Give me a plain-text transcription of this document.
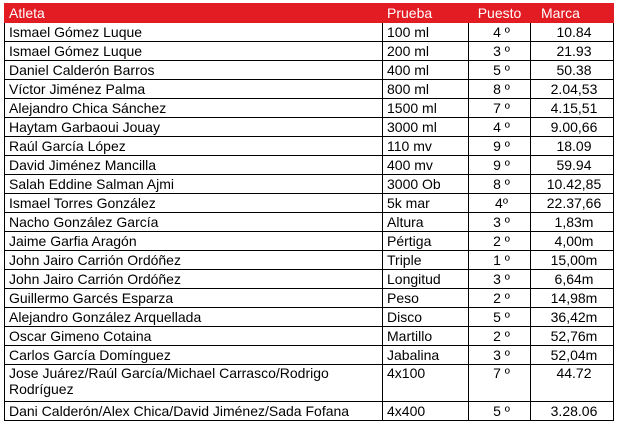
Atleta	Prueba	Puesto	Marca
Ismael Gómez Luque	100 ml	4 º	10.84
Ismael Gómez Luque	200 ml	3 º	21.93
Daniel Calderón Barros	400 ml	5 º	50.38
Víctor Jiménez Palma	800 ml	8 º	2.04,53
Alejandro Chica Sánchez	1500 ml	7 º	4.15,51
Haytam Garbaoui Jouay	3000 ml	4 º	9.00,66
Raúl García López	110 mv	9 º	18.09
David Jiménez Mancilla	400 mv	9 º	59.94
Salah Eddine Salman Ajmi	3000 Ob	8 º	10.42,85
Ismael Torres González	5k mar	4º	22.37,66
Nacho González García	Altura	3 º	1,83m
Jaime Garfia Aragón	Pértiga	2 º	4,00m
John Jairo Carrión Ordóñez	Triple	1 º	15,00m
John Jairo Carrión Ordóñez	Longitud	3 º	6,64m
Guillermo Garcés Esparza	Peso	2 º	14,98m
Alejandro González Arquellada	Disco	5 º	36,42m
Oscar Gimeno Cotaina	Martillo	2 º	52,76m
Carlos García Domínguez	Jabalina	3 º	52,04m
Jose Juárez/Raúl García/Michael Carrasco/Rodrigo Rodríguez	4x100	7 º	44.72
Dani Calderón/Alex Chica/David Jiménez/Sada Fofana	4x400	5 º	3.28.06
